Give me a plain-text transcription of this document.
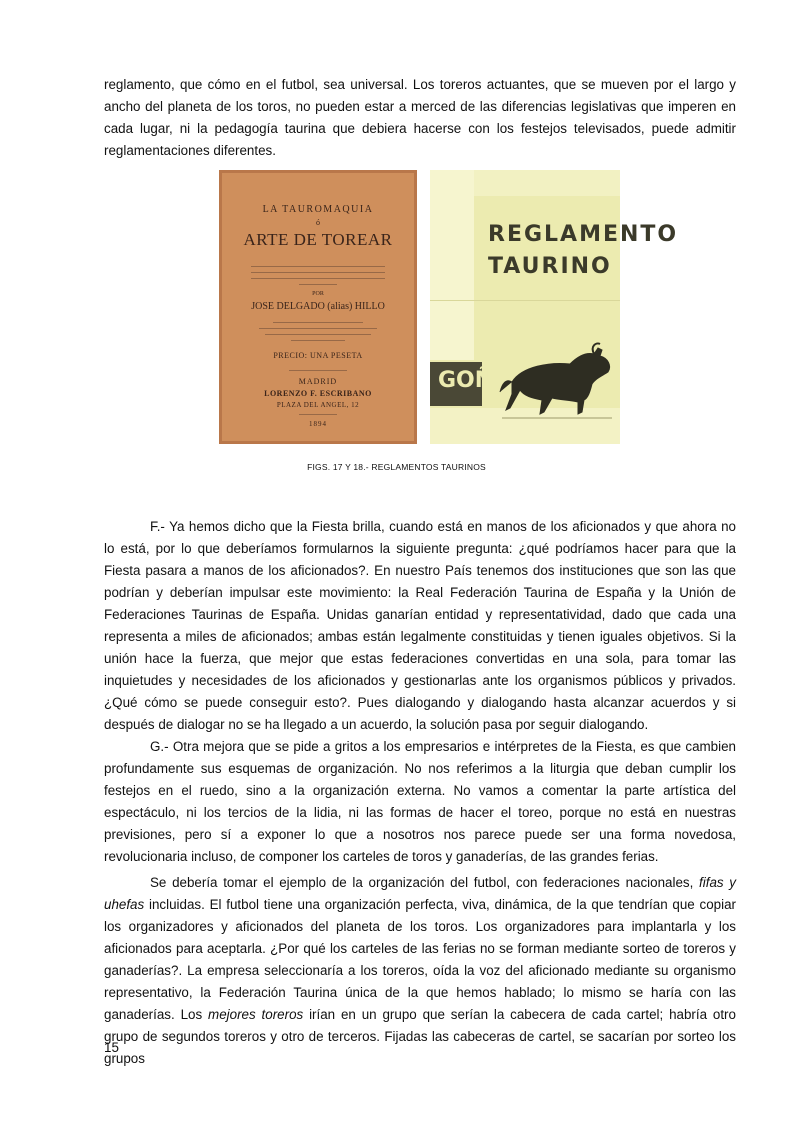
reglamento, que cómo en el futbol, sea universal. Los toreros actuantes, que se mueven por el largo y ancho del planeta de los toros, no pueden estar a merced de las diferencias legislativas que imperen en cada lugar, ni la pedagogía taurina que debiera hacerse con los festejos televisados, puede admitir reglamentaciones diferentes.

LA TAUROMAQUIA
ó
ARTE DE TOREAR
POR
JOSE DELGADO (alias) HILLO
PRECIO: UNA PESETA
MADRID
LORENZO F. ESCRIBANO
PLAZA DEL ANGEL, 12
1894
REGLAMENTO
TAURINO
GOÑI
FIGS. 17 Y 18.- REGLAMENTOS TAURINOS

F.- Ya hemos dicho que la Fiesta brilla, cuando está en manos de los aficionados y que ahora no lo está, por lo que deberíamos formularnos la siguiente pregunta: ¿qué podríamos hacer para que la Fiesta pasara a manos de los aficionados?. En nuestro País tenemos dos instituciones que son las que podrían y deberían impulsar este movimiento: la Real Federación Taurina de España y la Unión de Federaciones Taurinas de España. Unidas ganarían entidad y representatividad, dado que cada una representa a miles de aficionados; ambas están legalmente constituidas y tienen iguales objetivos. Si la unión hace la fuerza, que mejor que estas federaciones convertidas en una sola, para tomar las inquietudes y necesidades de los aficionados y gestionarlas ante los organismos públicos y privados. ¿Qué cómo se puede conseguir esto?. Pues dialogando y dialogando hasta alcanzar acuerdos y si después de dialogar no se ha llegado a un acuerdo, la solución pasa por seguir dialogando.

G.- Otra mejora que se pide a gritos a los empresarios e intérpretes de la Fiesta, es que cambien profundamente sus esquemas de organización. No nos referimos a la liturgia que deban cumplir los festejos en el ruedo, sino a la organización externa. No vamos a comentar la parte artística del espectáculo, ni los tercios de la lidia, ni las formas de hacer el toreo, porque no está en nuestras previsiones, pero sí a exponer lo que a nosotros nos parece puede ser una forma novedosa, revolucionaria incluso, de componer los carteles de toros y ganaderías, de las grandes ferias.

Se debería tomar el ejemplo de la organización del futbol, con federaciones nacionales, fifas y uhefas incluidas. El futbol tiene una organización perfecta, viva, dinámica, de la que tendrían que copiar los organizadores y aficionados del planeta de los toros. Los organizadores para implantarla y los aficionados para aceptarla. ¿Por qué los carteles de las ferias no se forman mediante sorteo de toreros y ganaderías?. La empresa seleccionaría a los toreros, oída la voz del aficionado mediante su organismo representativo, la Federación Taurina única de la que hemos hablado; lo mismo se haría con las ganaderías. Los mejores toreros irían en un grupo que serían la cabecera de cada cartel; habría otro grupo de segundos toreros y otro de terceros. Fijadas las cabeceras de cartel, se sacarían por sorteo los grupos

15
